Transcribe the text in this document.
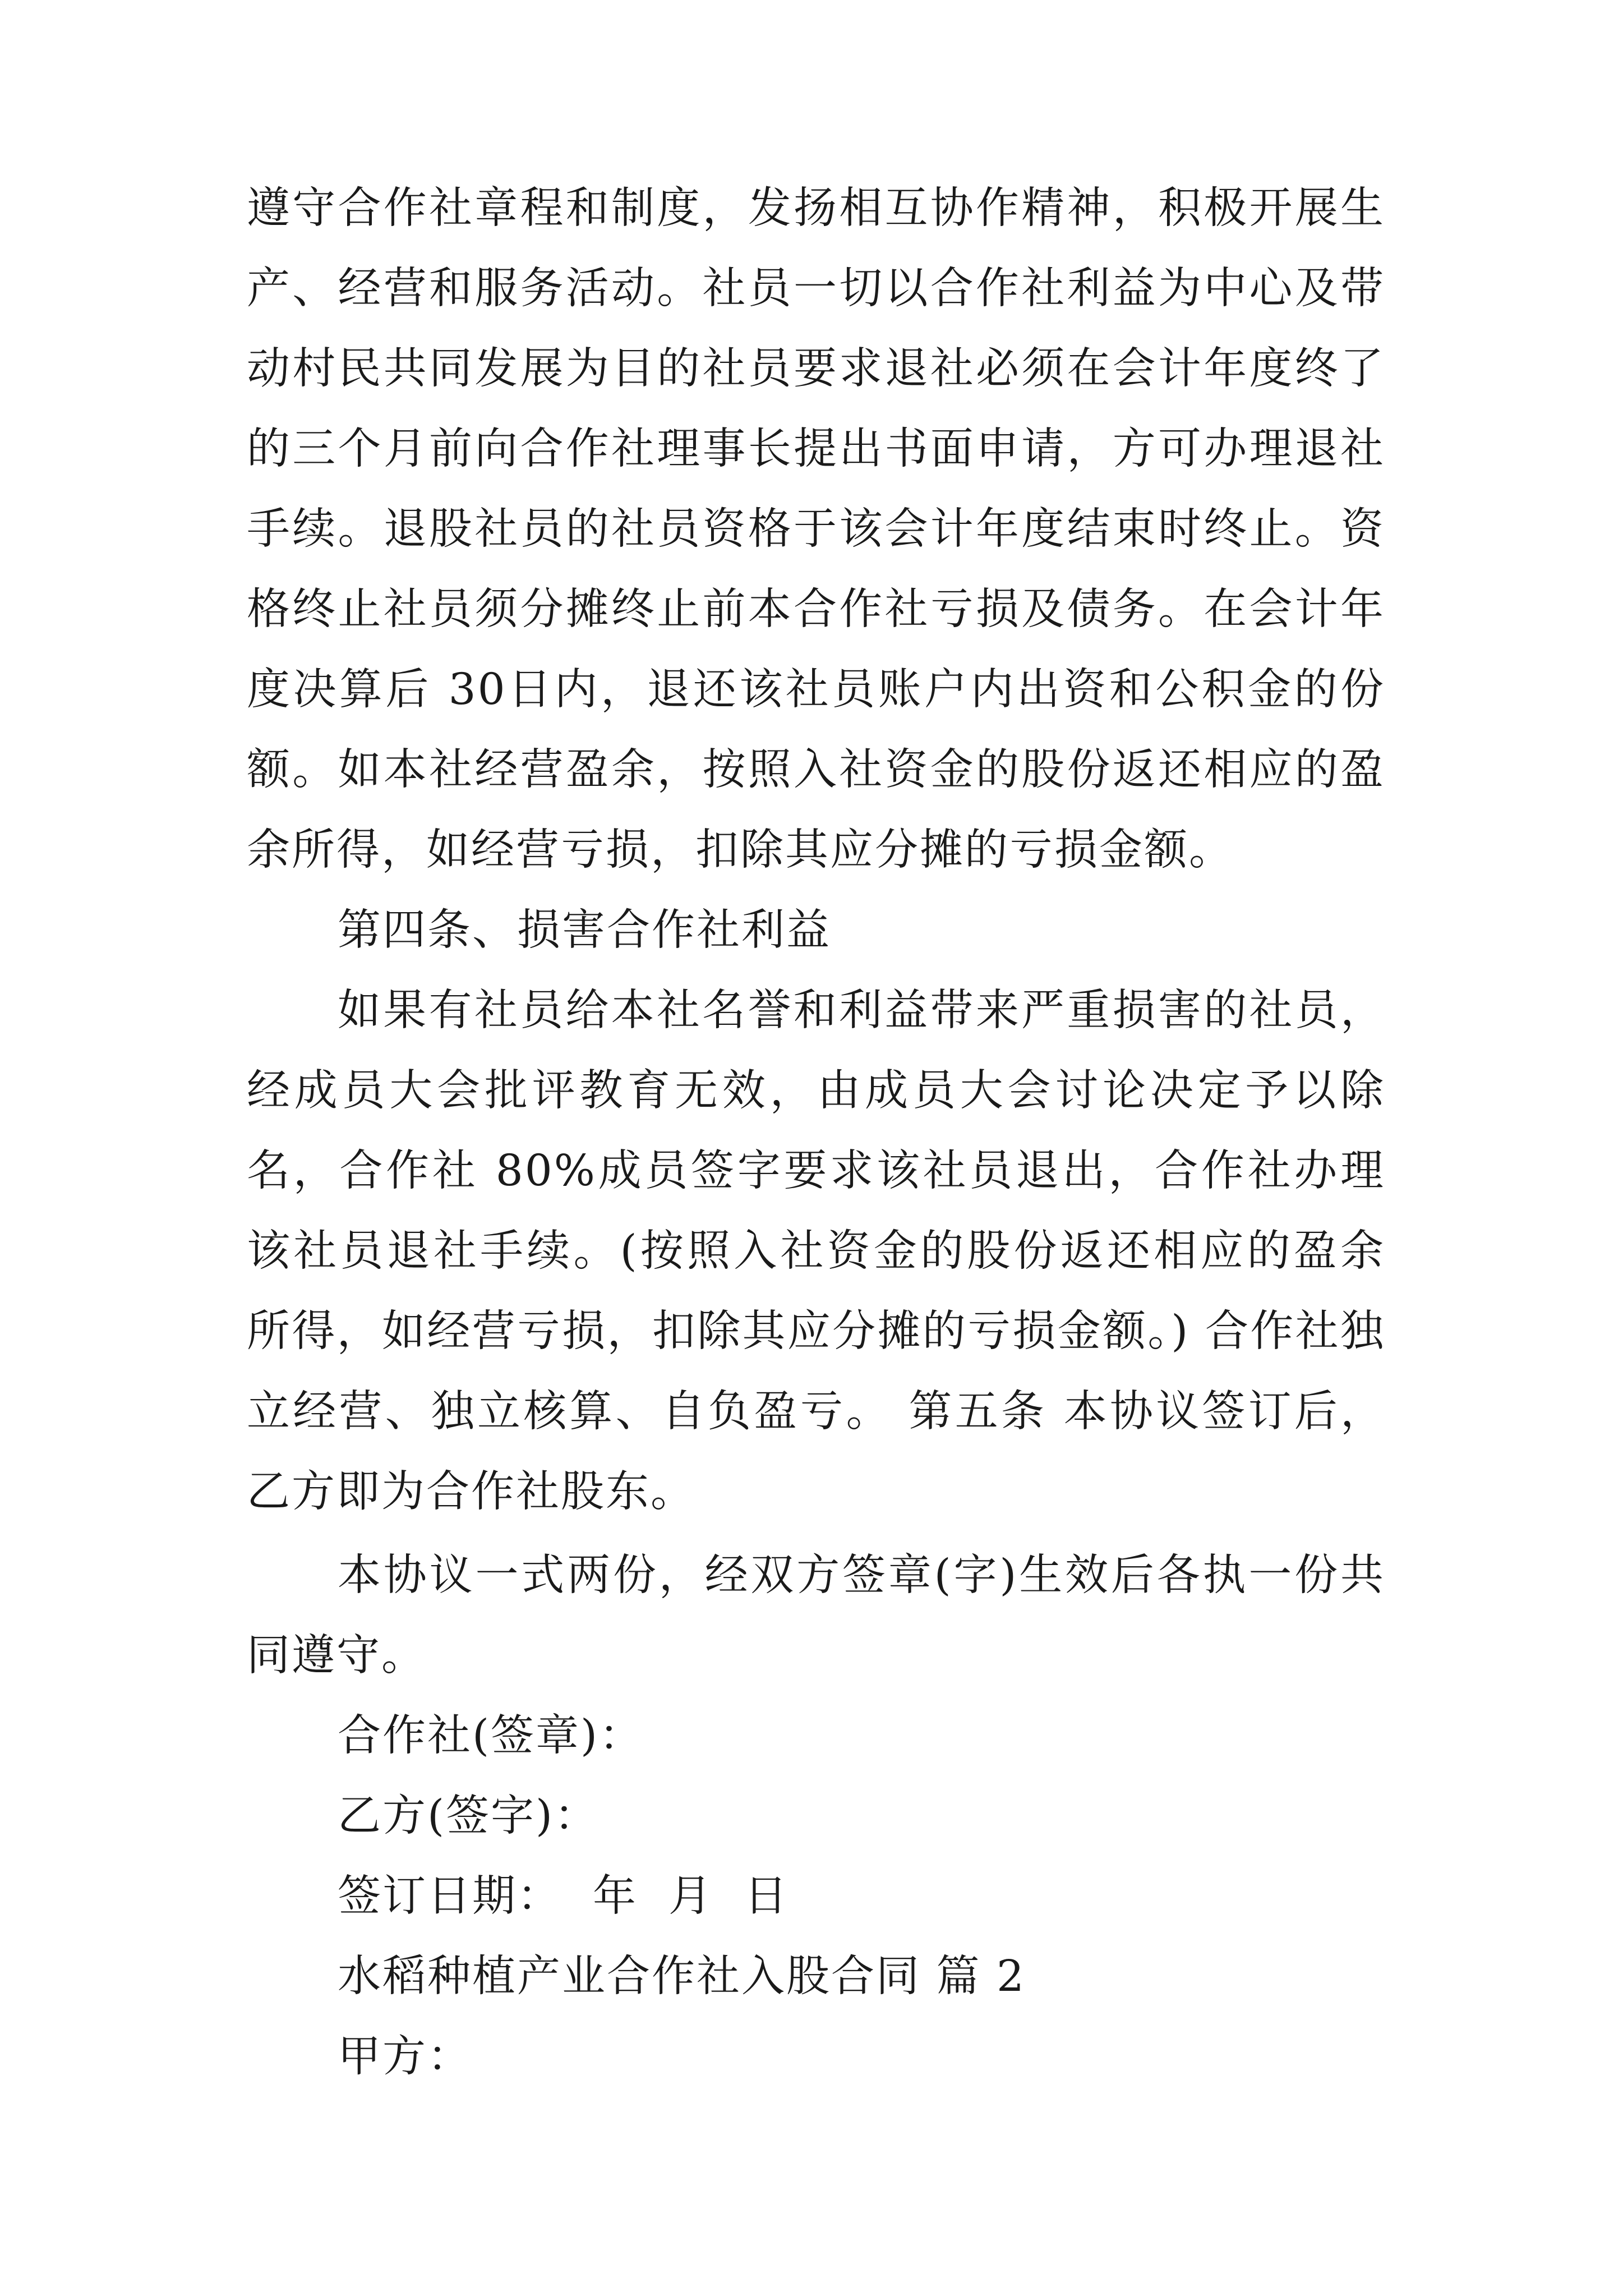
遵守合作社章程和制度，发扬相互协作精神，积极开展生产、经营和服务活动。社员一切以合作社利益为中心及带动村民共同发展为目的社员要求退社必须在会计年度终了的三个月前向合作社理事长提出书面申请，方可办理退社手续。退股社员的社员资格于该会计年度结束时终止。资格终止社员须分摊终止前本合作社亏损及债务。在会计年度决算后 30日内，退还该社员账户内出资和公积金的份额。如本社经营盈余，按照入社资金的股份返还相应的盈余所得，如经营亏损，扣除其应分摊的亏损金额。

第四条、损害合作社利益

如果有社员给本社名誉和利益带来严重损害的社员，经成员大会批评教育无效，由成员大会讨论决定予以除名，合作社 80%成员签字要求该社员退出，合作社办理该社员退社手续。(按照入社资金的股份返还相应的盈余所得，如经营亏损，扣除其应分摊的亏损金额。) 合作社独立经营、独立核算、自负盈亏。 第五条 本协议签订后，乙方即为合作社股东。

本协议一式两份，经双方签章(字)生效后各执一份共同遵守。

合作社(签章)：

乙方(签字)：

签订日期：  年  月  日

水稻种植产业合作社入股合同 篇 2

甲方：
